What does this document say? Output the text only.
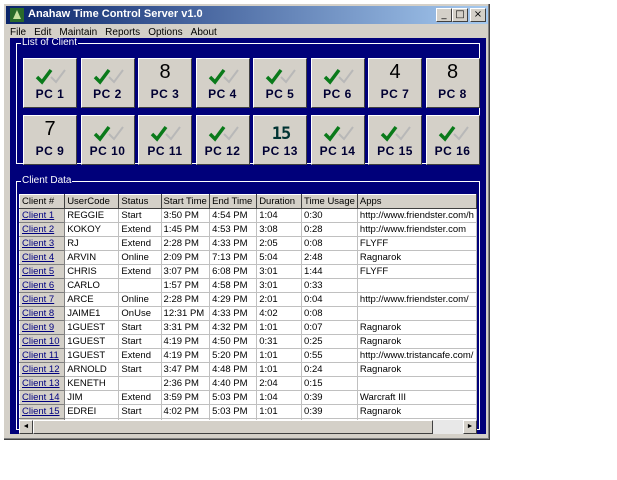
Anahaw Time Control Server v1.0	_ □ ×
File Edit Maintain Reports Options About
List of Client
PC 1	PC 2
8
PC 3	PC 4	PC 5	PC 6
4
PC 7
8
PC 8
7
PC 9	PC 10	PC 11	PC 12
15
PC 13	PC 14	PC 15	PC 16
Client Data
Client #	UserCode	Status	Start Time	End Time	Duration	Time Usage	Apps
Client 1	REGGIE	Start	3:50 PM	4:54 PM	1:04	0:30	http://www.friendster.com/h
Client 2	KOKOY	Extend	1:45 PM	4:53 PM	3:08	0:28	http://www.friendster.com
Client 3	RJ	Extend	2:28 PM	4:33 PM	2:05	0:08	FLYFF
Client 4	ARVIN	Online	2:09 PM	7:13 PM	5:04	2:48	Ragnarok
Client 5	CHRIS	Extend	3:07 PM	6:08 PM	3:01	1:44	FLYFF
Client 6	CARLO		1:57 PM	4:58 PM	3:01	0:33	
Client 7	ARCE	Online	2:28 PM	4:29 PM	2:01	0:04	http://www.friendster.com/
Client 8	JAIME1	OnUse	12:31 PM	4:33 PM	4:02	0:08	
Client 9	1GUEST	Start	3:31 PM	4:32 PM	1:01	0:07	Ragnarok
Client 10	1GUEST	Start	4:19 PM	4:50 PM	0:31	0:25	Ragnarok
Client 11	1GUEST	Extend	4:19 PM	5:20 PM	1:01	0:55	http://www.tristancafe.com/
Client 12	ARNOLD	Start	3:47 PM	4:48 PM	1:01	0:24	Ragnarok
Client 13	KENETH		2:36 PM	4:40 PM	2:04	0:15	
Client 14	JIM	Extend	3:59 PM	5:03 PM	1:04	0:39	Warcraft III
Client 15	EDREI	Start	4:02 PM	5:03 PM	1:01	0:39	Ragnarok

◄	►
